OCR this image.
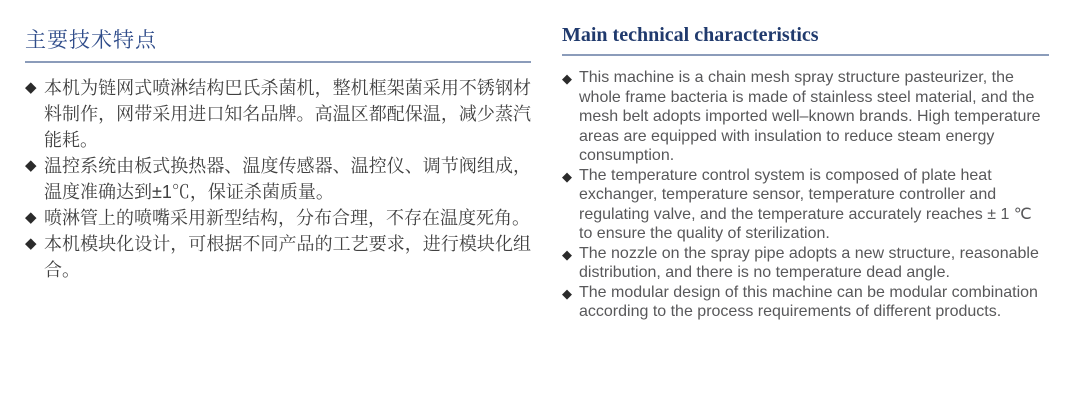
主要技术特点
◆ 本机为链网式喷淋结构巴氏杀菌机，整机框架菌采用不锈钢材料制作，网带采用进口知名品牌。高温区都配保温，减少蒸汽能耗。
◆ 温控系统由板式换热器、温度传感器、温控仪、调节阀组成，温度准确达到±1℃，保证杀菌质量。
◆ 喷淋管上的喷嘴采用新型结构，分布合理，不存在温度死角。
◆ 本机模块化设计，可根据不同产品的工艺要求，进行模块化组合。
Main technical characteristics
◆ This machine is a chain mesh spray structure pasteurizer, the whole frame bacteria is made of stainless steel material, and the mesh belt adopts imported well–known brands. High temperature areas are equipped with insulation to reduce steam energy consumption.
◆ The temperature control system is composed of plate heat exchanger, temperature sensor, temperature controller and regulating valve, and the temperature accurately reaches ± 1 ℃ to ensure the quality of sterilization.
◆ The nozzle on the spray pipe adopts a new structure, reasonable distribution, and there is no temperature dead angle.
◆ The modular design of this machine can be modular combination according to the process requirements of different products.
